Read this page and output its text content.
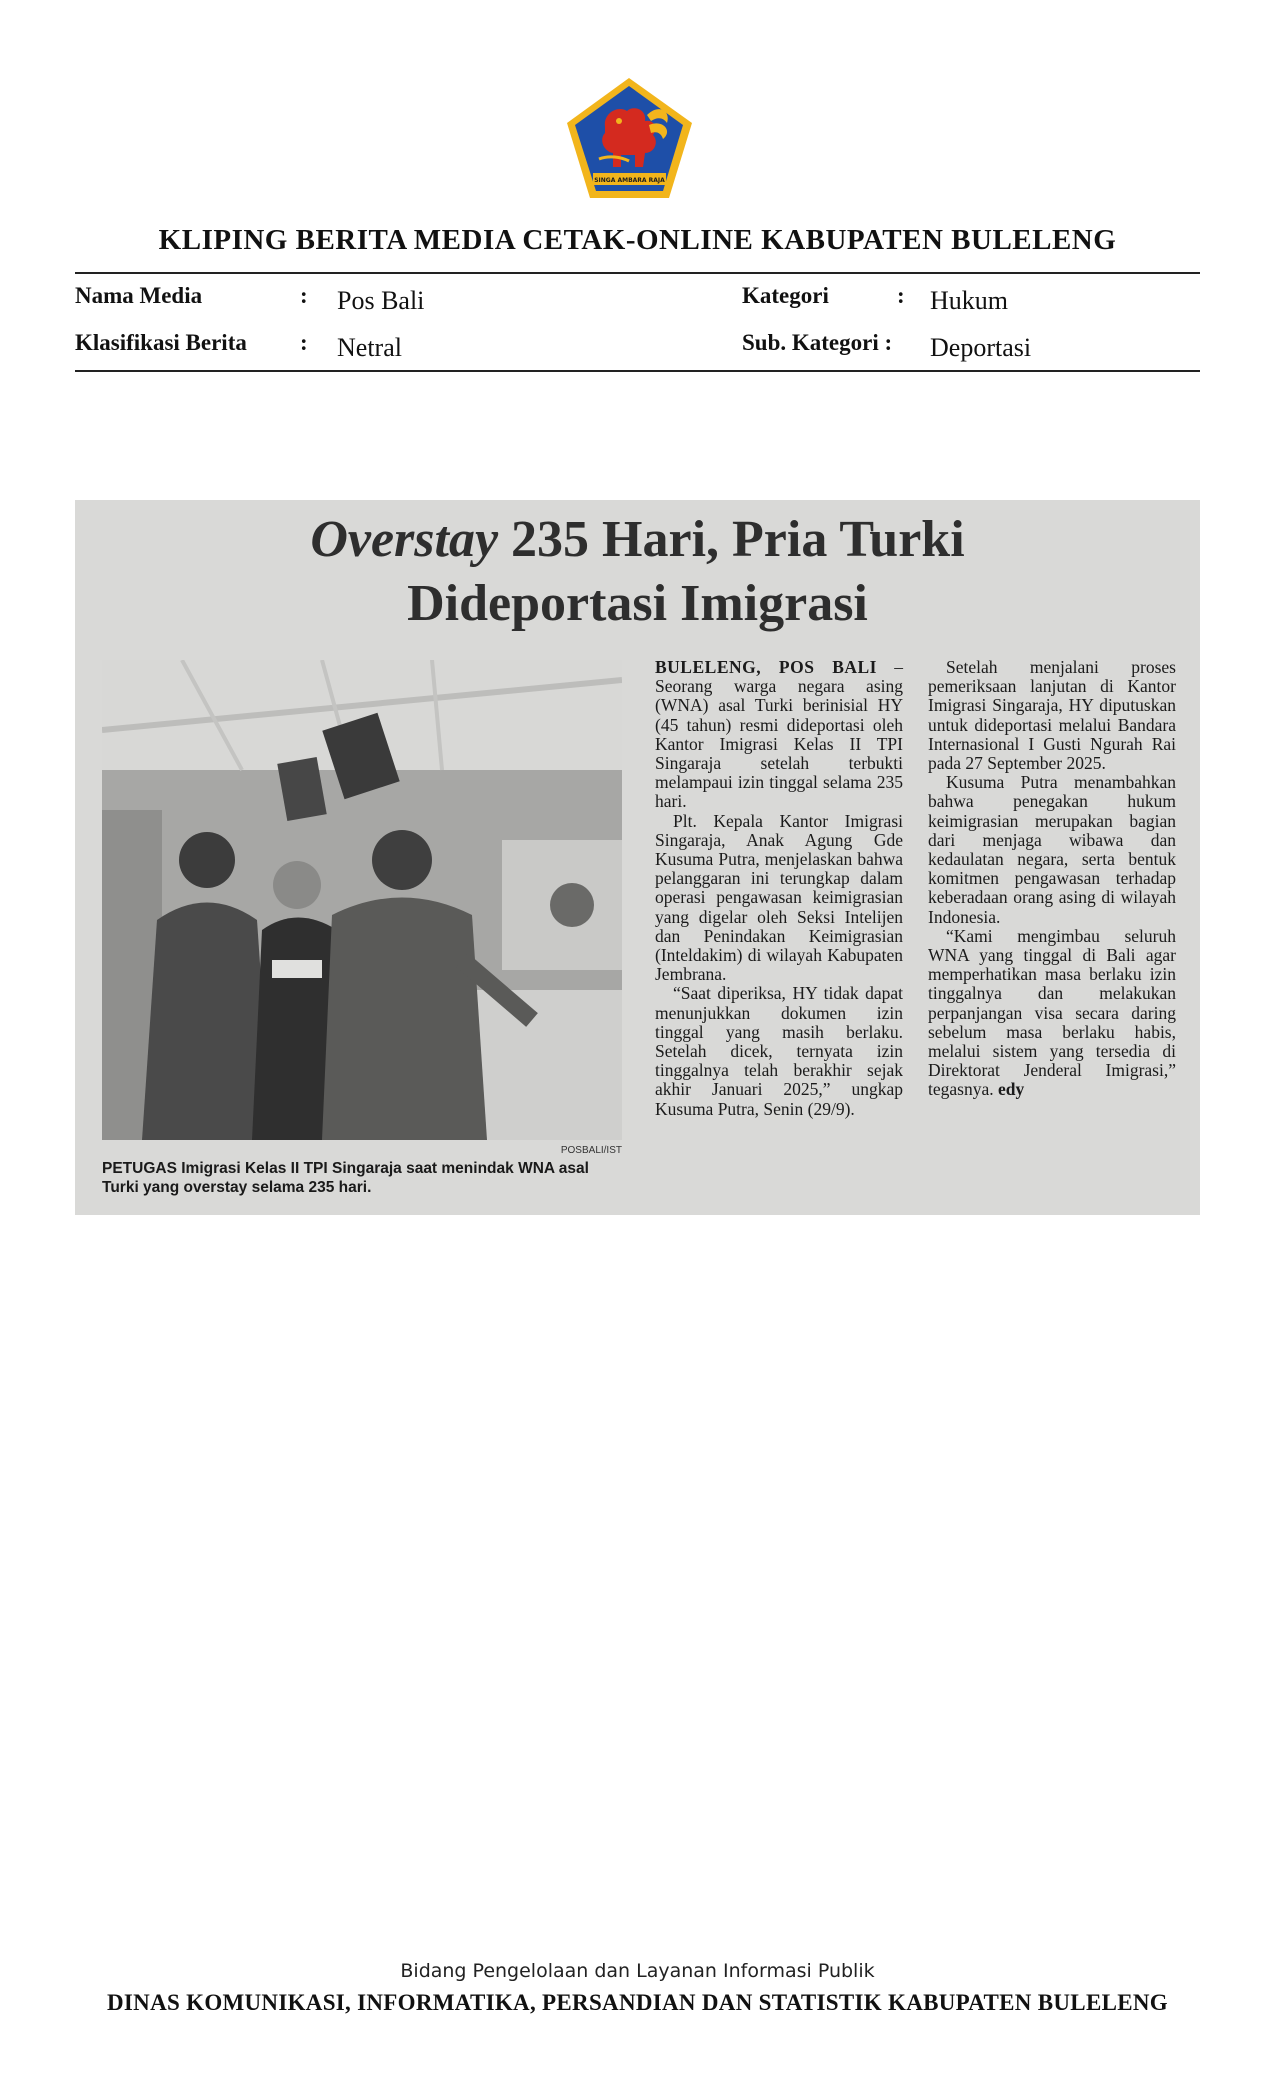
SINGA AMBARA RAJA
KLIPING BERITA MEDIA CETAK-ONLINE KABUPATEN BULELENG
Nama Media	: Pos Bali
Klasifikasi Berita : Netral
Kategori	: Hukum
Sub. Kategori : Deportasi
Overstay 235 Hari, Pria Turki
Dideportasi Imigrasi
POSBALI/IST
PETUGAS Imigrasi Kelas II TPI Singaraja saat menindak WNA asal Turki yang overstay selama 235 hari.

BULELENG, POS BALI – Seorang warga negara asing (WNA) asal Turki berinisial HY (45 tahun) resmi dideportasi oleh Kantor Imigrasi Kelas II TPI Singaraja setelah terbukti melampaui izin tinggal selama 235 hari.

Plt. Kepala Kantor Imigrasi Singaraja, Anak Agung Gde Kusuma Putra, menjelaskan bahwa pelanggaran ini terungkap dalam operasi pengawasan keimigrasian yang digelar oleh Seksi Intelijen dan Penindakan Keimigrasian (Inteldakim) di wilayah Kabupaten Jembrana.

“Saat diperiksa, HY tidak dapat menunjukkan dokumen izin tinggal yang masih berlaku. Setelah dicek, ternyata izin tinggalnya telah berakhir sejak akhir Januari 2025,” ungkap Kusuma Putra, Senin (29/9).

Setelah menjalani proses pemeriksaan lanjutan di Kantor Imigrasi Singaraja, HY diputuskan untuk dideportasi melalui Bandara Internasional I Gusti Ngurah Rai pada 27 September 2025.

Kusuma Putra menambahkan bahwa penegakan hukum keimigrasian merupakan bagian dari menjaga wibawa dan kedaulatan negara, serta bentuk komitmen pengawasan terhadap keberadaan orang asing di wilayah Indonesia.

“Kami mengimbau seluruh WNA yang tinggal di Bali agar memperhatikan masa berlaku izin tinggalnya dan melakukan perpanjangan visa secara daring sebelum masa berlaku habis, melalui sistem yang tersedia di Direktorat Jenderal Imigrasi,” tegasnya. edy

Bidang Pengelolaan dan Layanan Informasi Publik
DINAS KOMUNIKASI, INFORMATIKA, PERSANDIAN DAN STATISTIK KABUPATEN BULELENG
